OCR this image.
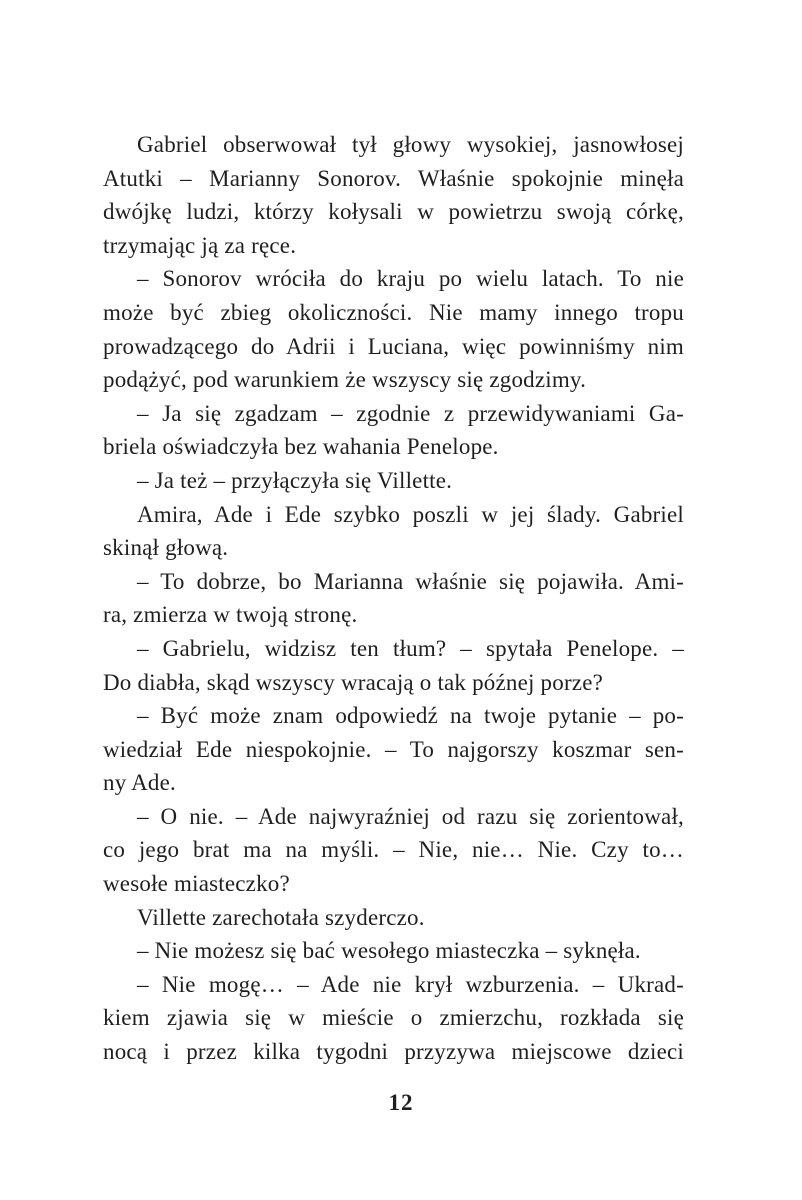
Gabriel obserwował tył głowy wysokiej, jasnowłosej
Atutki – Marianny Sonorov. Właśnie spokojnie minęła
dwójkę ludzi, którzy kołysali w powietrzu swoją córkę,
trzymając ją za ręce.
– Sonorov wróciła do kraju po wielu latach. To nie
może być zbieg okoliczności. Nie mamy innego tropu
prowadzącego do Adrii i Luciana, więc powinniśmy nim
podążyć, pod warunkiem że wszyscy się zgodzimy.
– Ja się zgadzam – zgodnie z przewidywaniami Ga-
briela oświadczyła bez wahania Penelope.
– Ja też – przyłączyła się Villette.
Amira, Ade i Ede szybko poszli w jej ślady. Gabriel
skinął głową.
– To dobrze, bo Marianna właśnie się pojawiła. Ami-
ra, zmierza w twoją stronę.
– Gabrielu, widzisz ten tłum? – spytała Penelope. –
Do diabła, skąd wszyscy wracają o tak późnej porze?
– Być może znam odpowiedź na twoje pytanie – po-
wiedział Ede niespokojnie. – To najgorszy koszmar sen-
ny Ade.
– O nie. – Ade najwyraźniej od razu się zorientował,
co jego brat ma na myśli. – Nie, nie… Nie. Czy to…
wesołe miasteczko?
Villette zarechotała szyderczo.
– Nie możesz się bać wesołego miasteczka – syknęła.
– Nie mogę… – Ade nie krył wzburzenia. – Ukrad-
kiem zjawia się w mieście o zmierzchu, rozkłada się
nocą i przez kilka tygodni przyzywa miejscowe dzieci
12
